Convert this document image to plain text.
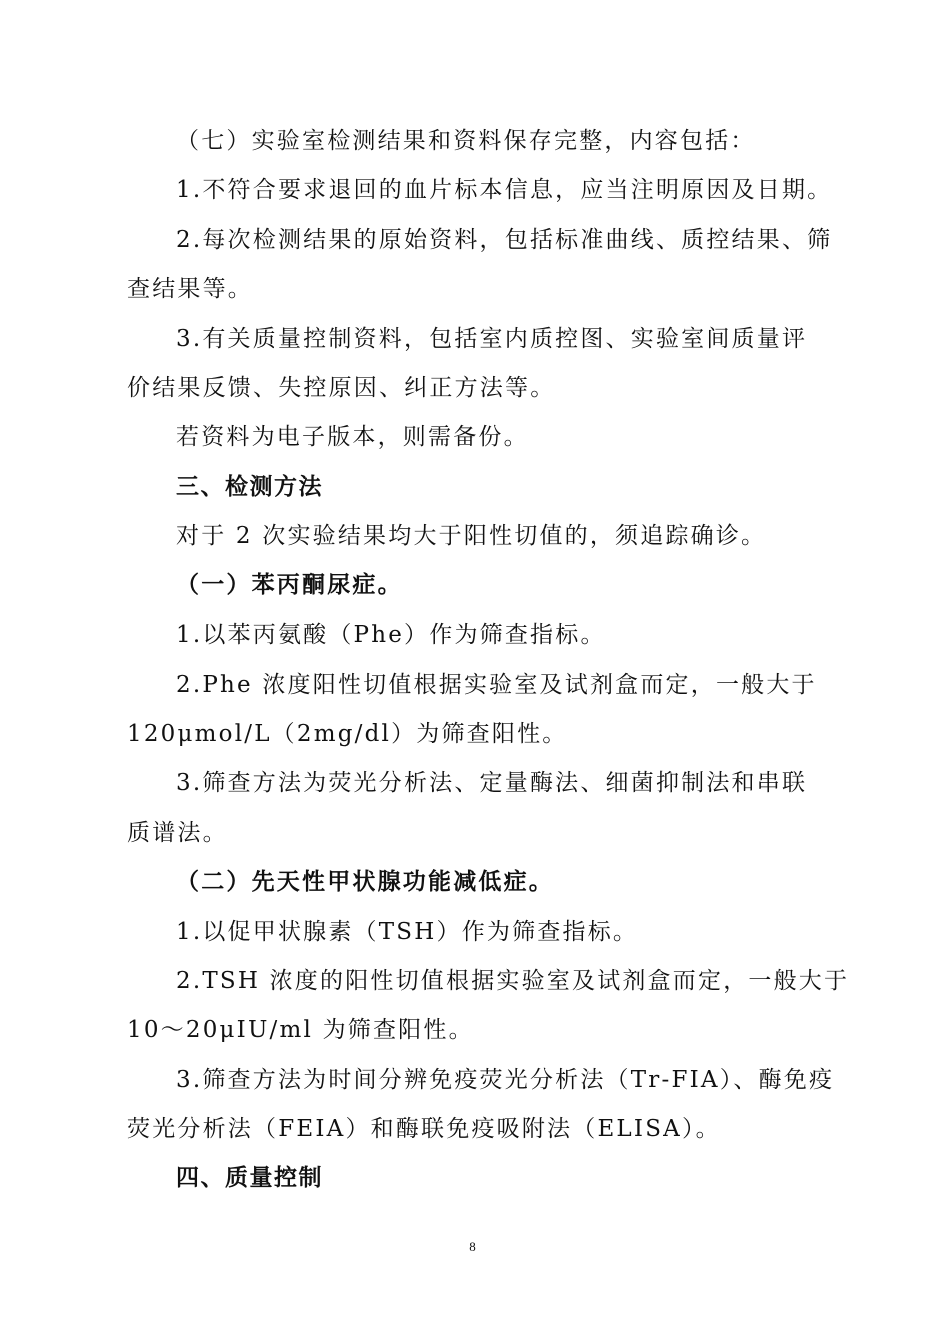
（七）实验室检测结果和资料保存完整，内容包括：
1.不符合要求退回的血片标本信息，应当注明原因及日期。
2.每次检测结果的原始资料，包括标准曲线、质控结果、筛
查结果等。
3.有关质量控制资料，包括室内质控图、实验室间质量评
价结果反馈、失控原因、纠正方法等。
若资料为电子版本，则需备份。
三、检测方法
对于 2 次实验结果均大于阳性切值的，须追踪确诊。
（一）苯丙酮尿症。
1.以苯丙氨酸（Phe）作为筛查指标。
2.Phe 浓度阳性切值根据实验室及试剂盒而定，一般大于
120μmol/L（2mg/dl）为筛查阳性。
3.筛查方法为荧光分析法、定量酶法、细菌抑制法和串联
质谱法。
（二）先天性甲状腺功能减低症。
1.以促甲状腺素（TSH）作为筛查指标。
2.TSH 浓度的阳性切值根据实验室及试剂盒而定，一般大于
10～20μIU/ml 为筛查阳性。
3.筛查方法为时间分辨免疫荧光分析法（Tr-FIA）、酶免疫
荧光分析法（FEIA）和酶联免疫吸附法（ELISA）。
四、质量控制
8
